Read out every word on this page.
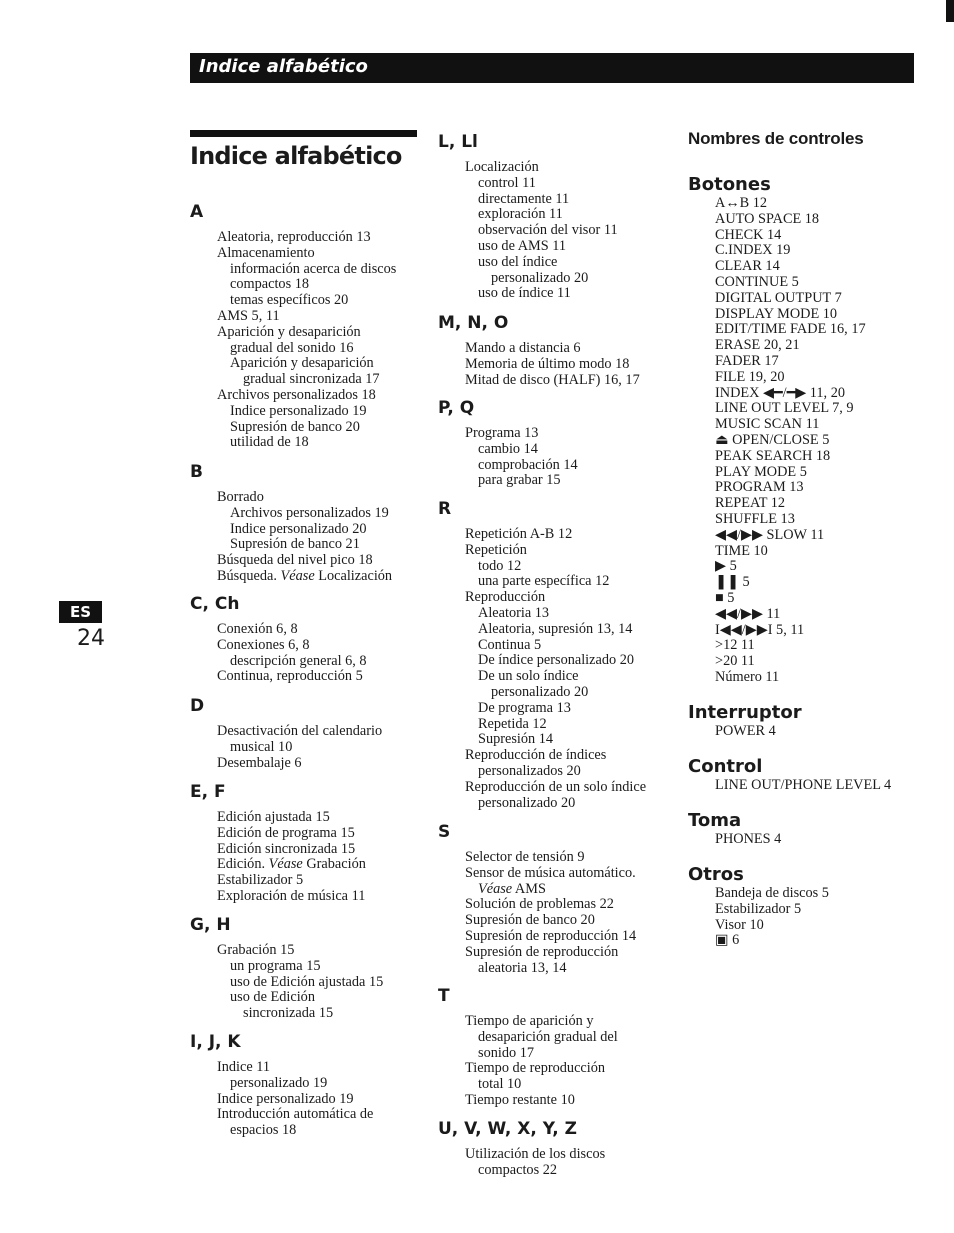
Indice alfabético
ES
24
Indice alfabético
A
Aleatoria, reproducción 13
Almacenamiento
información acerca de discos
compactos 18
temas específicos 20
AMS 5, 11
Aparición y desaparición
gradual del sonido 16
Aparición y desaparición
gradual sincronizada 17
Archivos personalizados 18
Indice personalizado 19
Supresión de banco 20
utilidad de 18
B
Borrado
Archivos personalizados 19
Indice personalizado 20
Supresión de banco 21
Búsqueda del nivel pico 18
Búsqueda. Véase Localización
C, Ch
Conexión 6, 8
Conexiones 6, 8
descripción general 6, 8
Continua, reproducción 5
D
Desactivación del calendario
musical 10
Desembalaje 6
E, F
Edición ajustada 15
Edición de programa 15
Edición sincronizada 15
Edición. Véase Grabación
Estabilizador 5
Exploración de música 11
G, H
Grabación 15
un programa 15
uso de Edición ajustada 15
uso de Edición
sincronizada 15
I, J, K
Indice 11
personalizado 19
Indice personalizado 19
Introducción automática de
espacios 18
L, Ll
Localización
control 11
directamente 11
exploración 11
observación del visor 11
uso de AMS 11
uso del índice
personalizado 20
uso de índice 11
M, N, O
Mando a distancia 6
Memoria de último modo 18
Mitad de disco (HALF) 16, 17
P, Q
Programa 13
cambio 14
comprobación 14
para grabar 15
R
Repetición A-B 12
Repetición
todo 12
una parte específica 12
Reproducción
Aleatoria 13
Aleatoria, supresión 13, 14
Continua 5
De índice personalizado 20
De un solo índice
personalizado 20
De programa 13
Repetida 12
Supresión 14
Reproducción de índices
personalizados 20
Reproducción de un solo índice
personalizado 20
S
Selector de tensión 9
Sensor de música automático.
Véase AMS
Solución de problemas 22
Supresión de banco 20
Supresión de reproducción 14
Supresión de reproducción
aleatoria 13, 14
T
Tiempo de aparición y
desaparición gradual del
sonido 17
Tiempo de reproducción
total 10
Tiempo restante 10
U, V, W, X, Y, Z
Utilización de los discos
compactos 22
Nombres de controles
Botones
A↔B 12
AUTO SPACE 18
CHECK 14
C.INDEX 19
CLEAR 14
CONTINUE 5
DIGITAL OUTPUT 7
DISPLAY MODE 10
EDIT/TIME FADE 16, 17
ERASE 20, 21
FADER 17
FILE 19, 20
INDEX ◀━/━▶ 11, 20
LINE OUT LEVEL 7, 9
MUSIC SCAN 11
⏏ OPEN/CLOSE 5
PEAK SEARCH 18
PLAY MODE 5
PROGRAM 13
REPEAT 12
SHUFFLE 13
◀◀/▶▶ SLOW 11
TIME 10
▶ 5
❚❚ 5
■ 5
◀◀/▶▶ 11
I◀◀/▶▶I 5, 11
>12 11
>20 11
Número 11
Interruptor
POWER 4
Control
LINE OUT/PHONE LEVEL 4
Toma
PHONES 4
Otros
Bandeja de discos 5
Estabilizador 5
Visor 10
▣ 6
